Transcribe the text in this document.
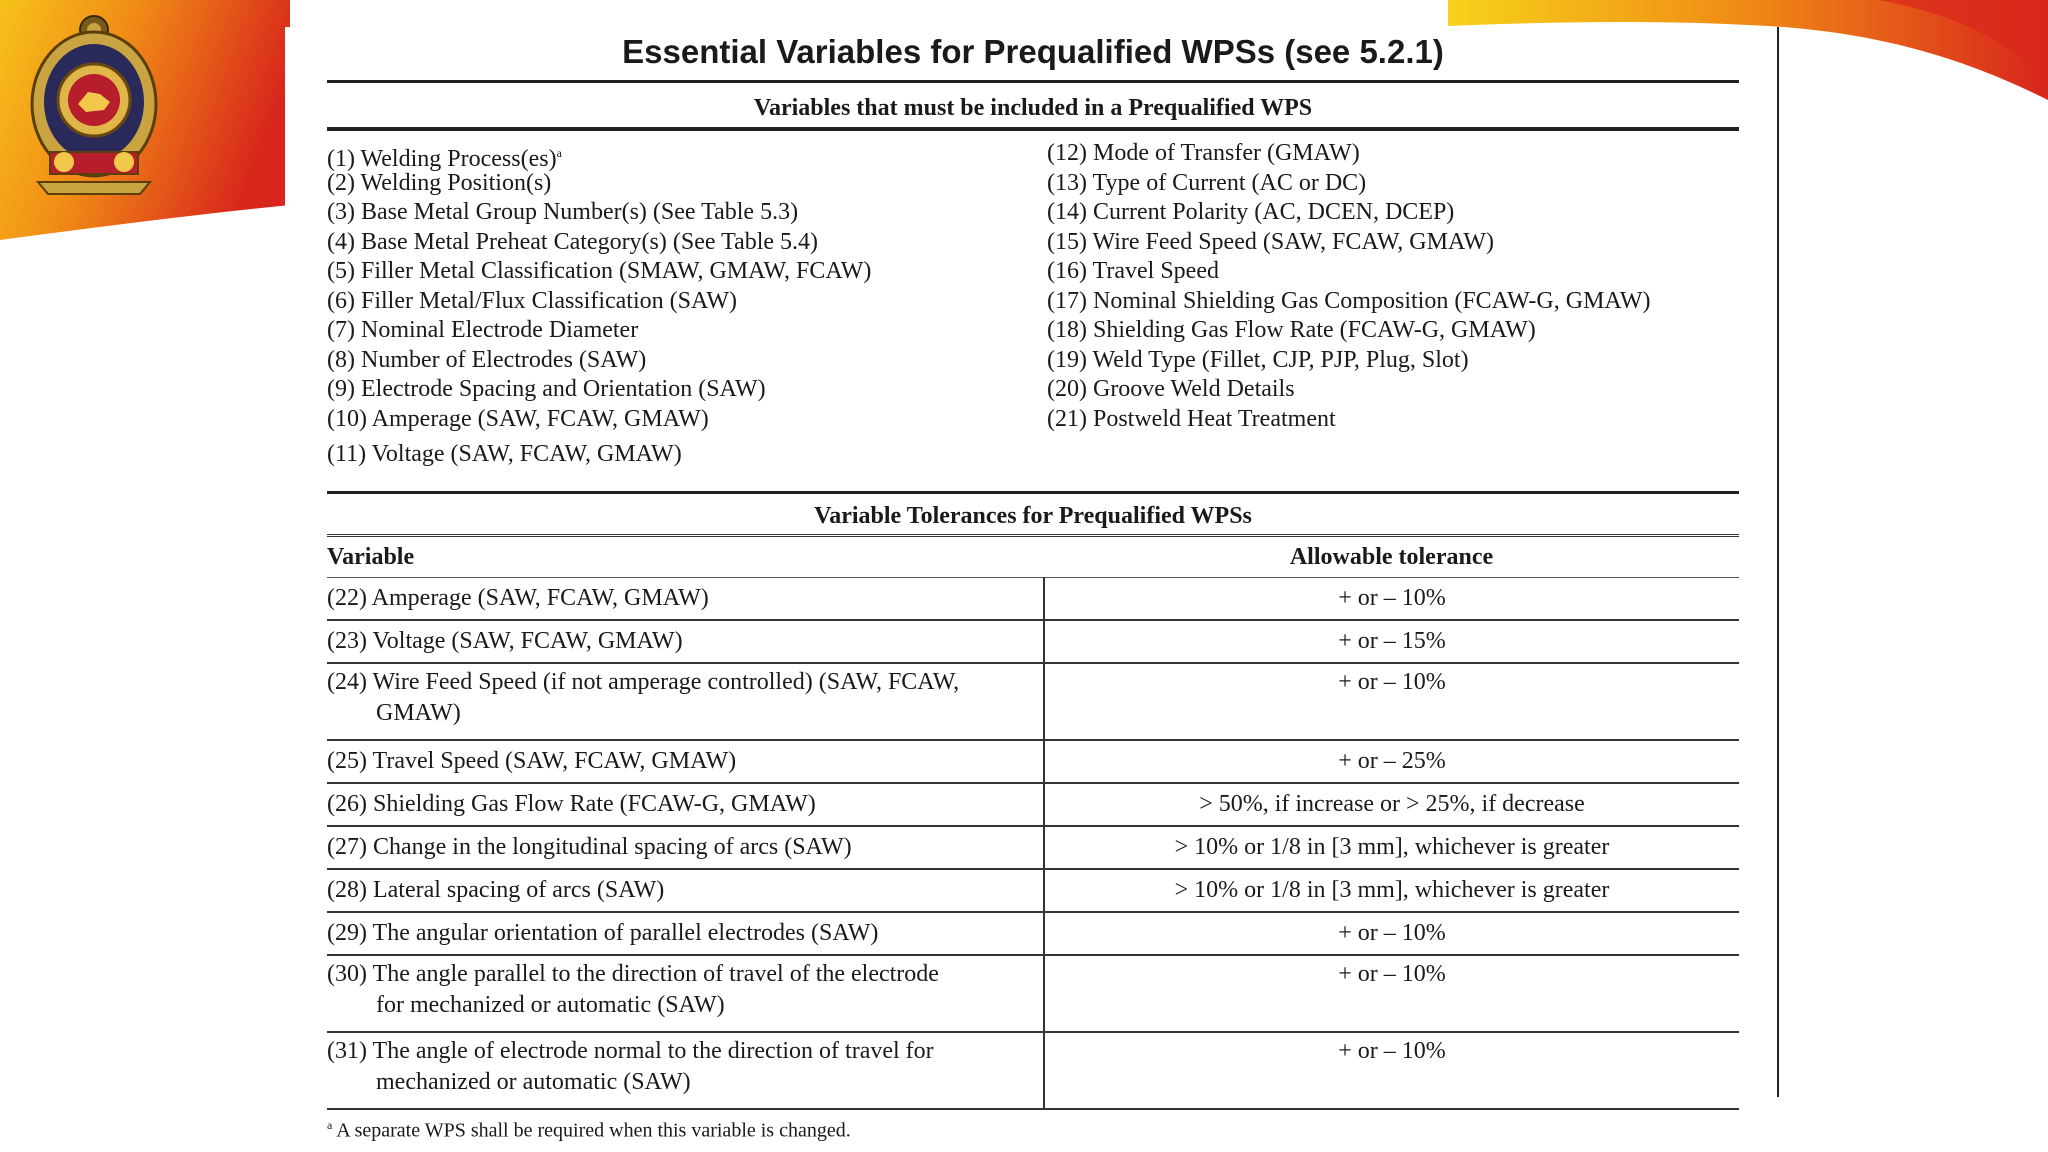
Essential Variables for Prequalified WPSs (see 5.2.1)
Variables that must be included in a Prequalified WPS
(1) Welding Process(es)$^a$
(2) Welding Position(s)
(3) Base Metal Group Number(s) (See Table 5.3)
(4) Base Metal Preheat Category(s) (See Table 5.4)
(5) Filler Metal Classification (SMAW, GMAW, FCAW)
(6) Filler Metal/Flux Classification (SAW)
(7) Nominal Electrode Diameter
(8) Number of Electrodes (SAW)
(9) Electrode Spacing and Orientation (SAW)
(10) Amperage (SAW, FCAW, GMAW)
(11) Voltage (SAW, FCAW, GMAW)
(12) Mode of Transfer (GMAW)
(13) Type of Current (AC or DC)
(14) Current Polarity (AC, DCEN, DCEP)
(15) Wire Feed Speed (SAW, FCAW, GMAW)
(16) Travel Speed
(17) Nominal Shielding Gas Composition (FCAW-G, GMAW)
(18) Shielding Gas Flow Rate (FCAW-G, GMAW)
(19) Weld Type (Fillet, CJP, PJP, Plug, Slot)
(20) Groove Weld Details
(21) Postweld Heat Treatment
Variable Tolerances for Prequalified WPSs
Variable	Allowable tolerance
(22) Amperage (SAW, FCAW, GMAW)	+ or – 10%
(23) Voltage (SAW, FCAW, GMAW)	+ or – 15%
(24) Wire Feed Speed (if not amperage controlled) (SAW, FCAW,
GMAW)	+ or – 10%
(25) Travel Speed (SAW, FCAW, GMAW)	+ or – 25%
(26) Shielding Gas Flow Rate (FCAW-G, GMAW)	> 50%, if increase or > 25%, if decrease
(27) Change in the longitudinal spacing of arcs (SAW)	> 10% or 1/8 in [3 mm], whichever is greater
(28) Lateral spacing of arcs (SAW)	> 10% or 1/8 in [3 mm], whichever is greater
(29) The angular orientation of parallel electrodes (SAW)	+ or – 10%
(30) The angle parallel to the direction of travel of the electrode
for mechanized or automatic (SAW)	+ or – 10%
(31) The angle of electrode normal to the direction of travel for
mechanized or automatic (SAW)	+ or – 10%
$^a$ A separate WPS shall be required when this variable is changed.
